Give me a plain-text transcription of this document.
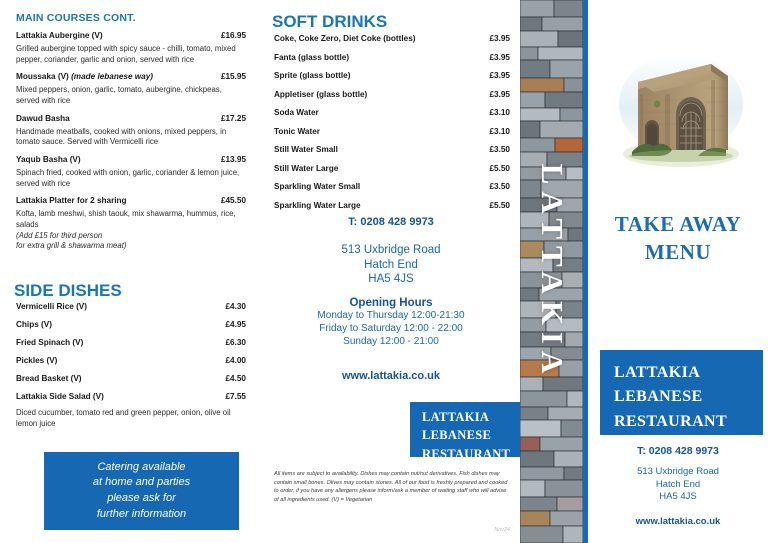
MAIN COURSES CONT.
Lattakia Aubergine (V)	£16.95
Grilled aubergine topped with spicy sauce - chilli, tomato, mixed pepper, coriander, garlic and onion, served with rice
Moussaka (V) (made lebanese way)	£15.95
Mixed peppers, onion, garlic, tomato, aubergine, chickpeas, served with rice
Dawud Basha	£17.25
Handmade meatballs, cooked with onions, mixed peppers, in tomato sauce. Served with Vermicelli rice
Yaqub Basha (V)	£13.95
Spinach fried, cooked with onion, garlic, coriander & lemon juice, served with rice
Lattakia Platter for 2 sharing	£45.50
Kofta, lamb meshwi, shish taouk, mix shawarma, hummus, rice, salads
(Add £15 for third person
for extra grill & shawarma meat)
SIDE DISHES
Vermicelli Rice (V)	£4.30
Chips (V)	£4.95
Fried Spinach (V)	£6.30
Pickles (V)	£4.00
Bread Basket (V)	£4.50
Lattakia Side Salad (V)	£7.55
Diced cucumber, tomato red and green pepper, onion, olive oil lemon juice
Catering available
at home and parties
please ask for
further information
SOFT DRINKS
Coke, Coke Zero, Diet Coke (bottles)	£3.95
Fanta (glass bottle)	£3.95
Sprite (glass bottle)	£3.95
Appletiser (glass bottle)	£3.95
Soda Water	£3.10
Tonic Water	£3.10
Still Water Small	£3.50
Still Water Large	£5.50
Sparkling Water Small	£3.50
Sparkling Water Large	£5.50
T: 0208 428 9973
513 Uxbridge Road
Hatch End
HA5 4JS
Opening Hours
Monday to Thursday 12:00-21:30
Friday to Saturday 12:00 - 22:00
Sunday 12:00 - 21:00
www.lattakia.co.uk
LATTAKIA
LEBANESE
RESTAURANT
All items are subject to availability. Dishes may contain nut/nut derivatives. Fish dishes may contain small bones. Olives may contain stones. All of our food is freshly prepared and cooked to order, if you have any allergens please inform/ask a member of waiting staff who will advise of all ingredients used. (V) = Vegetarian
Nov24
LATTAKIA	TAKE AWAY
MENU
LATTAKIA
LEBANESE
RESTAURANT
T: 0208 428 9973
513 Uxbridge Road
Hatch End
HA5 4JS
www.lattakia.co.uk
